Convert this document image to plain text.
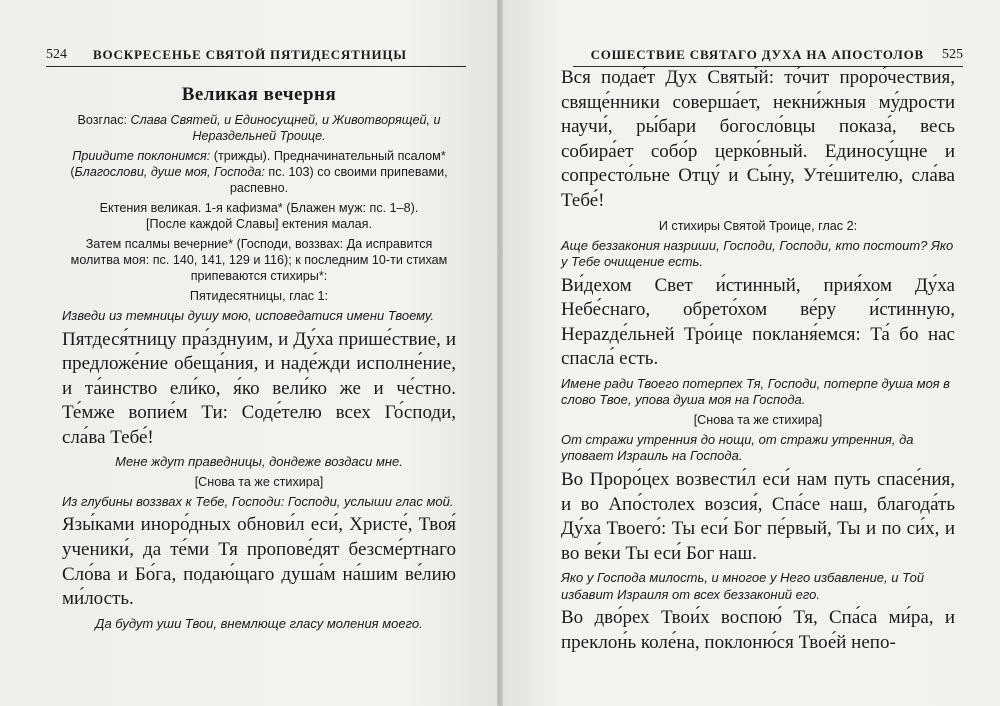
524 ВОСКРЕСЕНЬЕ СВЯТОЙ ПЯТИДЕСЯТНИЦЫ
Великая вечерня

Возглас: Слава Святей, и Единосущней, и Животворящей, и Нераздельней Троице.

Приидите поклонимся: (трижды). Предначинательный псалом* (Благослови, душе моя, Господа: пс. 103) со своими припевами, распевно.

Ектения великая. 1-я кафизма* (Блажен муж: пс. 1–8).
[После каждой Славы] ектения малая.

Затем псалмы вечерние* (Господи, воззвах: Да исправится молитва моя: пс. 140, 141, 129 и 116); к последним 10-ти стихам припеваются стихиры*:

Пятидесятницы, глас 1:

Изведи из темницы душу мою, исповедатися имени Твоему.

Пятдеся́тницу пра́зднуим, и Ду́ха прише́ствие, и предложе́ние обеща́ния, и наде́жди исполне́ние, и та́инство ели́ко, я́ко вели́ко же и че́стно. Те́мже вопие́м Ти: Соде́телю всех Го́споди, сла́ва Тебе́!

Мене ждут праведницы, дондеже воздаси мне.

[Снова та же стихира]

Из глубины воззвах к Тебе, Господи: Господи, услыши глас мой.

Язы́ками иноро́дных обнови́л еси́, Христе́, Твоя́ ученики́, да те́ми Тя пропове́дят безсме́ртнаго Сло́ва и Бо́га, подаю́щаго душа́м на́шим ве́лию ми́лость.

Да будут уши Твои, внемлюще гласу моления моего.

СОШЕСТВИЕ СВЯТАГО ДУХА НА АПОСТОЛОВ 525

Вся подае́т Дух Святы́й: то́чит проро́чествия, свяще́нники соверша́ет, некни́жныя му́дрости научи́, ры́бари богосло́вцы показа́, весь собира́ет собо́р церко́вный. Единосу́щне и сопресто́льне Отцу́ и Сы́ну, Уте́шителю, сла́ва Тебе́!

И стихиры Святой Троице, глас 2:

Аще беззакония назриши, Господи, Господи, кто постоит? Яко у Тебе очищение есть.

Ви́дехом Свет и́стинный, прия́хом Ду́ха Небе́снаго, обрето́хом ве́ру и́стинную, Нерazде́льней Тро́ице покланя́емся: Та́ бо нас спасла́ есть.

Имене ради Твоего потерпех Тя, Господи, потерпе душа моя в слово Твое, упова душа моя на Господа.

[Снова та же стихира]

От стражи утренния до нощи, от стражи утренния, да уповает Израиль на Господа.

Во Проро́цех возвести́л еси́ нам путь спасе́ния, и во Апо́столех возсия́, Спа́се наш, благода́ть Ду́ха Твоего́: Ты еси́ Бог пе́рвый, Ты и по си́х, и во ве́ки Ты еси́ Бог наш.

Яко у Господа милость, и многое у Него избавление, и Той избавит Израиля от всех беззаконий его.

Во дво́рех Твои́х воспою́ Тя, Спа́са ми́ра, и преклон́ь коле́на, поклоню́ся Твое́й непо-
